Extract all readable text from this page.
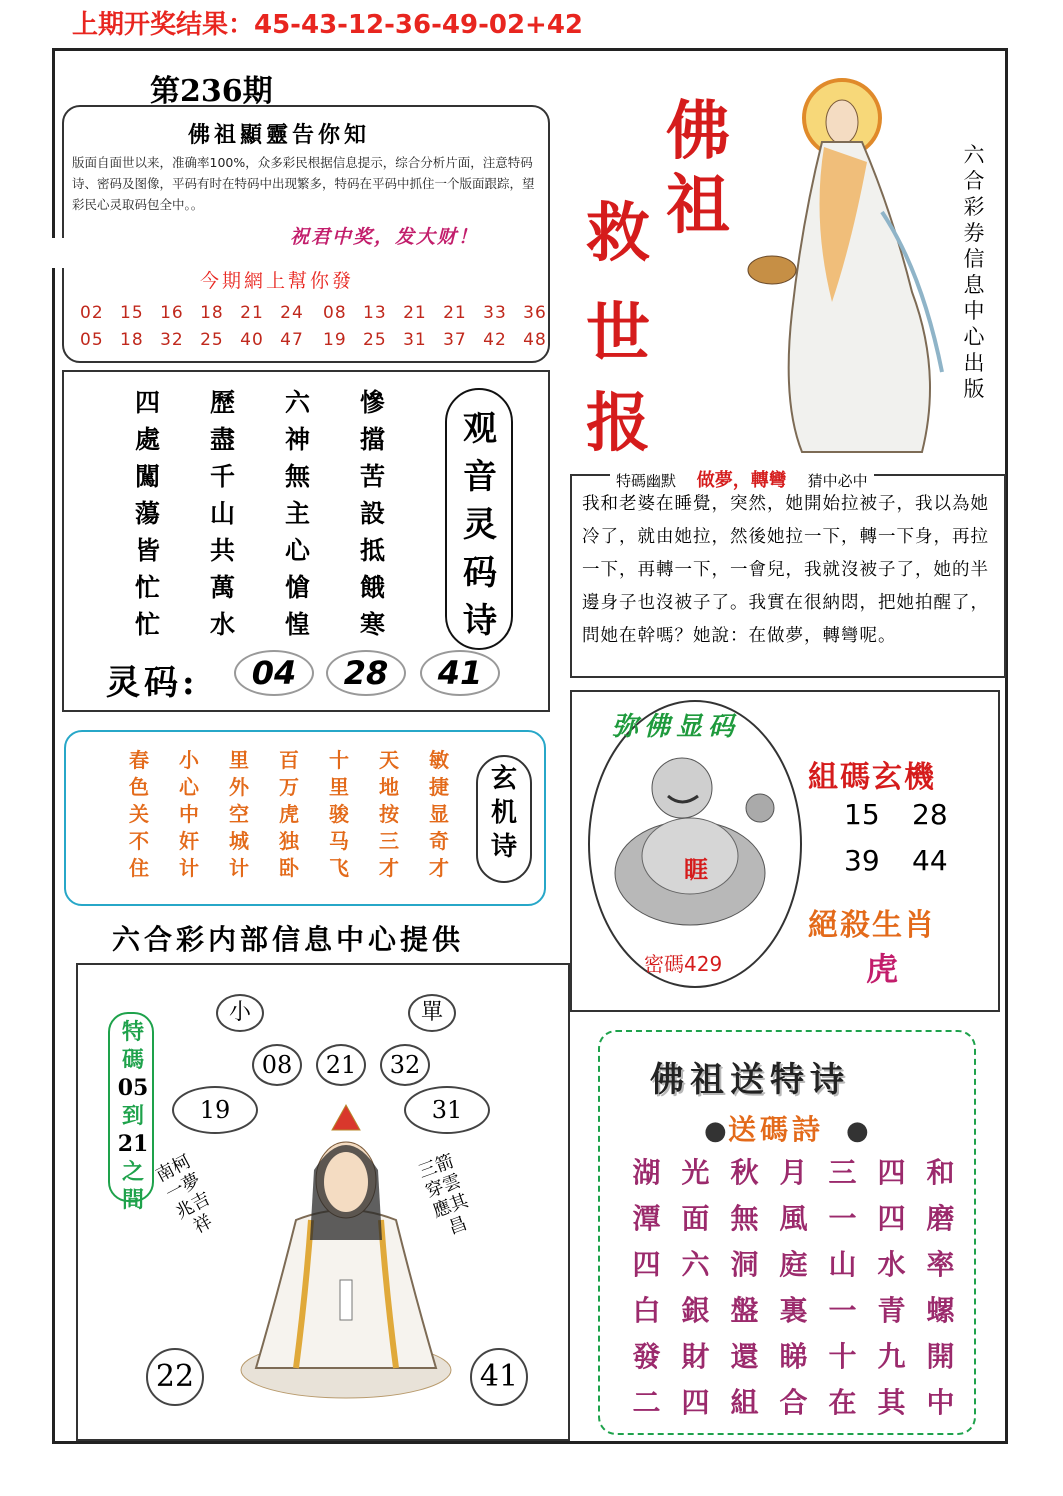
上期开奖结果：45-43-12-36-49-02+42
第236期
佛祖顯靈告你知
版面自面世以来，准确率100%，众多彩民根据信息提示，综合分析片面，注意特码诗、密码及图像，平码有时在特码中出现繁多，特码在平码中抓住一个版面跟踪，望彩民心灵取码包全中。。
祝君中奖，发大财！
今期網上幫你發
02 15 16 18 21 24 08 13 21 21 33 36
05 18 32 25 40 47 19 25 31 37 42 48
四	歷	六	慘
處	盡	神	擋
闖	千	無	苦
蕩	山	主	設
皆	共	心	抵
忙	萬	愴	餓
忙	水	惶	寒
观音灵码诗
灵码:	04	28	41
春	小	里	百	十	天	敏
色	心	外	万	里	地	捷
关	中	空	虎	骏	按	显
不	奸	城	独	马	三	奇
住	计	计	卧	飞	才	才
玄机诗
六合彩内部信息中心提供
小	單
特
碼
05
到
21
之
間
08	21	32
19	31
22	41
南柯一夢兆吉祥
三箭穿雲應其昌
佛
祖
救
世
报
六合彩券信息中心出版
特碼幽默 做夢，轉彎 猜中必中
我和老婆在睡覺，突然，她開始拉被子，我以為她冷了，就由她拉，然後她拉一下，轉一下身，再拉一下，再轉一下，一會兒，我就沒被子了，她的半邊身子也沒被子了。我實在很納悶，把她拍醒了，問她在幹嗎？她說：在做夢，轉彎呢。
弥佛显码
睚
密碼429
組碼玄機
15 28
39 44
絕殺生肖
虎
佛祖送特诗
● 送碼詩 ●
湖 光 秋 月 三 四 和
潭 面 無 風 一 四 磨
四 六 洞 庭 山 水 率
白 銀 盤 裏 一 青 螺
發 財 還 睇 十 九 開
二 四 組 合 在 其 中
